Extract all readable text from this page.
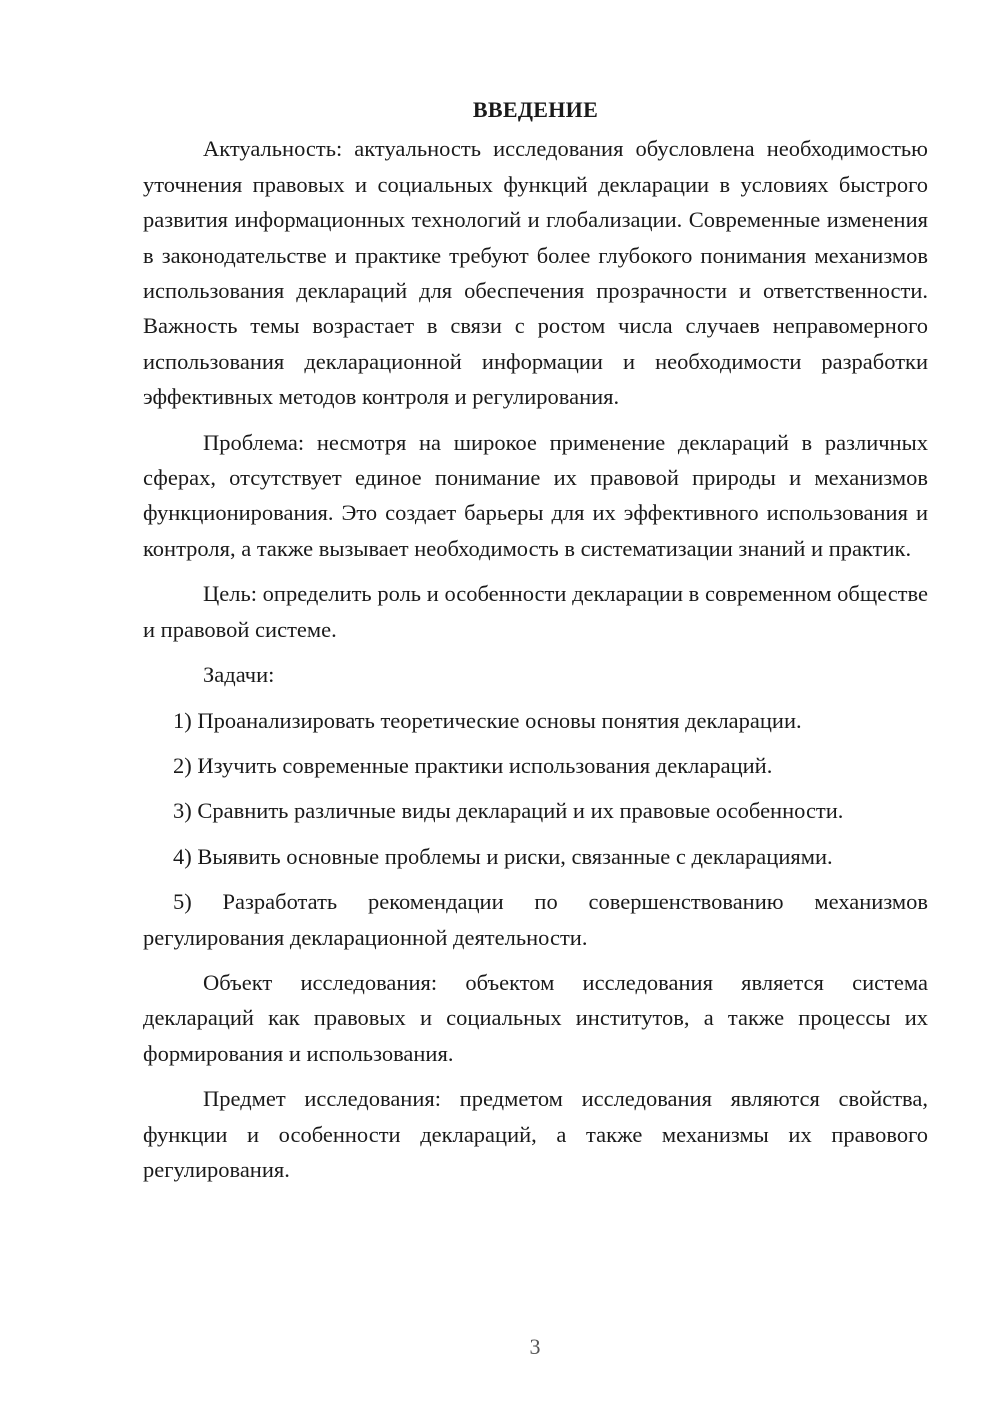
ВВЕДЕНИЕ

Актуальность: актуальность исследования обусловлена необходимостью уточнения правовых и социальных функций декларации в условиях быстрого развития информационных технологий и глобализации. Современные изменения в законодательстве и практике требуют более глубокого понимания механизмов использования деклараций для обеспечения прозрачности и ответственности. Важность темы возрастает в связи с ростом числа случаев неправомерного использования декларационной информации и необходимости разработки эффективных методов контроля и регулирования.

Проблема: несмотря на широкое применение деклараций в различных сферах, отсутствует единое понимание их правовой природы и механизмов функционирования. Это создает барьеры для их эффективного использования и контроля, а также вызывает необходимость в систематизации знаний и практик.

Цель: определить роль и особенности декларации в современном обществе и правовой системе.

Задачи:

1) Проанализировать теоретические основы понятия декларации.

2) Изучить современные практики использования деклараций.

3) Сравнить различные виды деклараций и их правовые особенности.

4) Выявить основные проблемы и риски, связанные с декларациями.

5) Разработать рекомендации по совершенствованию механизмов регулирования декларационной деятельности.

Объект исследования: объектом исследования является система деклараций как правовых и социальных институтов, а также процессы их формирования и использования.

Предмет исследования: предметом исследования являются свойства, функции и особенности деклараций, а также механизмы их правового регулирования.

3
